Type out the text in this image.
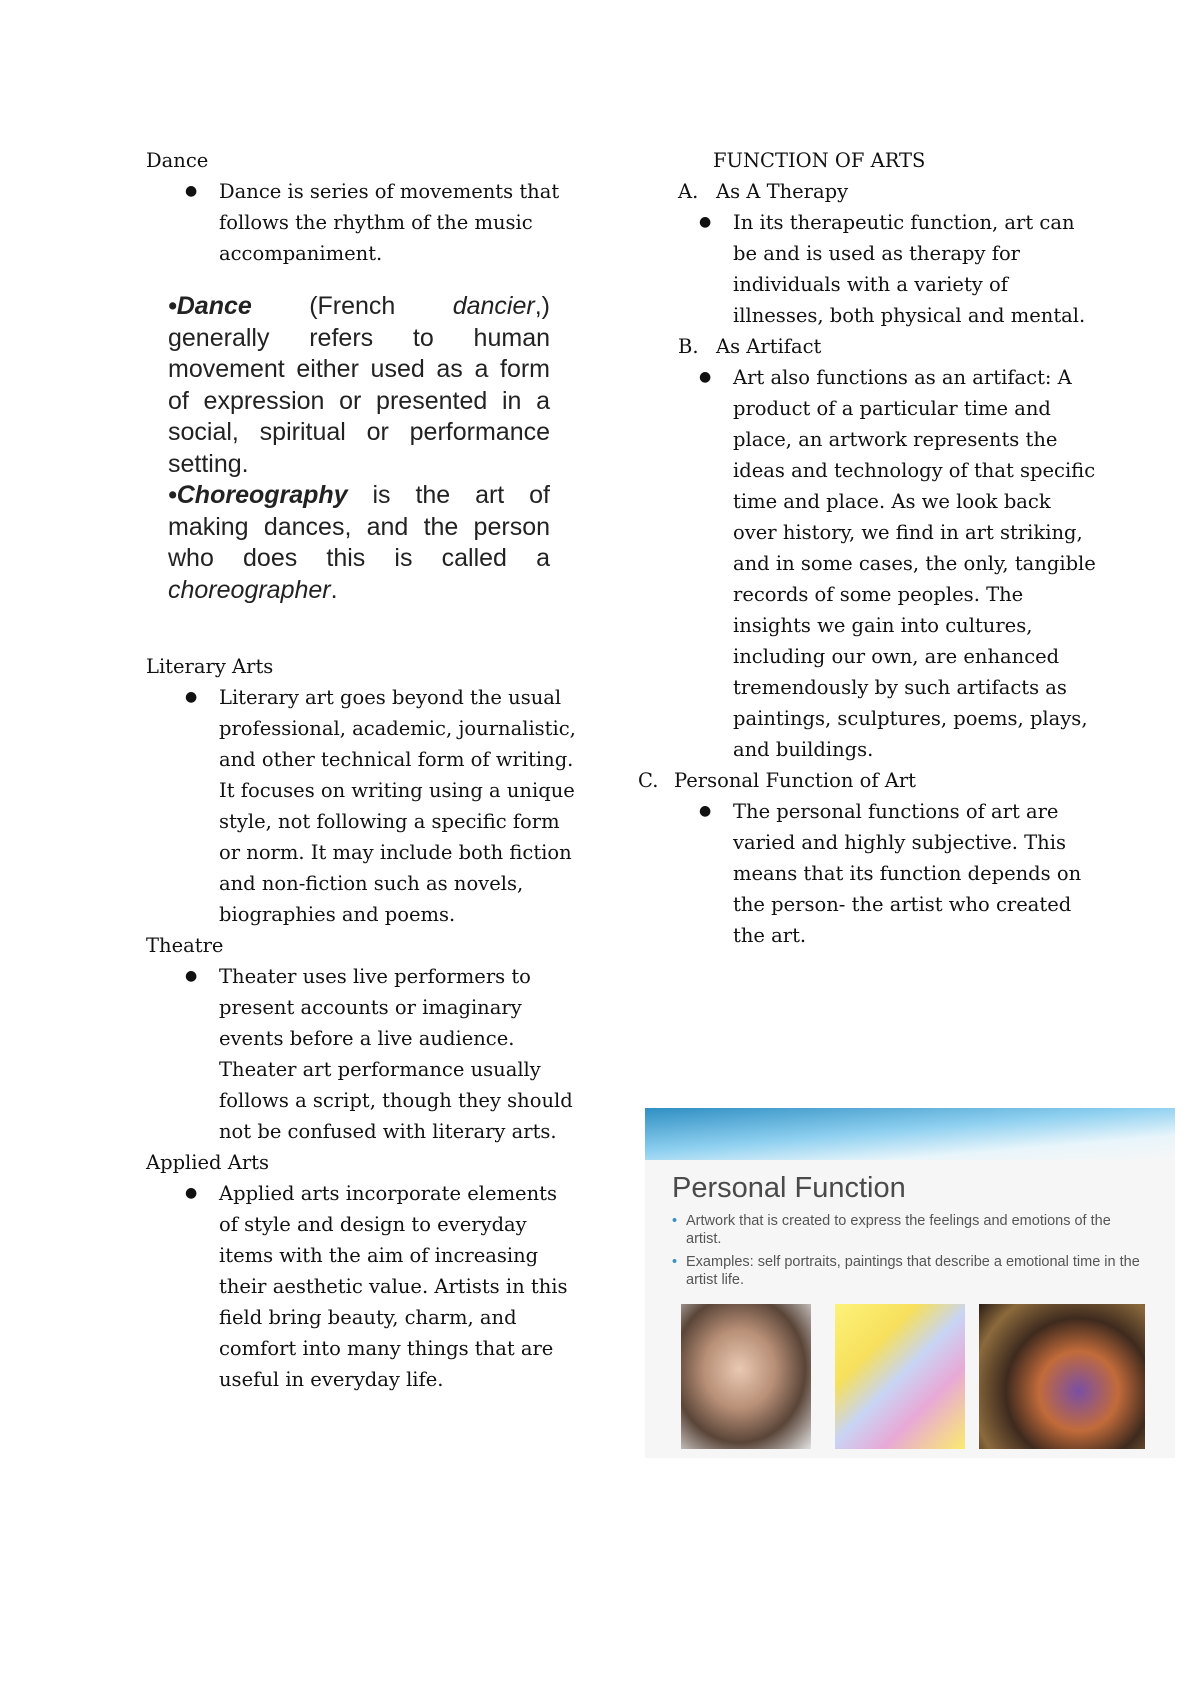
Dance

● Dance is series of movements that follows the rhythm of the music accompaniment.

•Dance (French dancier,) generally refers to human movement either used as a form of expression or presented in a social, spiritual or performance setting.

•Choreography is the art of making dances, and the person who does this is called a choreographer.

Literary Arts

● Literary art goes beyond the usual professional, academic, journalistic, and other technical form of writing. It focuses on writing using a unique style, not following a specific form or norm. It may include both fiction and non-fiction such as novels, biographies and poems.

Theatre

● Theater uses live performers to present accounts or imaginary events before a live audience. Theater art performance usually follows a script, though they should not be confused with literary arts.

Applied Arts

● Applied arts incorporate elements of style and design to everyday items with the aim of increasing their aesthetic value. Artists in this field bring beauty, charm, and comfort into many things that are useful in everyday life.

FUNCTION OF ARTS

A. As A Therapy
● In its therapeutic function, art can be and is used as therapy for individuals with a variety of illnesses, both physical and mental.
B. As Artifact
● Art also functions as an artifact: A product of a particular time and place, an artwork represents the ideas and technology of that specific time and place. As we look back over history, we find in art striking, and in some cases, the only, tangible records of some peoples. The insights we gain into cultures, including our own, are enhanced tremendously by such artifacts as paintings, sculptures, poems, plays, and buildings.
C. Personal Function of Art
● The personal functions of art are varied and highly subjective. This means that its function depends on the person- the artist who created the art.

Personal Function

• Artwork that is created to express the feelings and emotions of the artist.
• Examples: self portraits, paintings that describe a emotional time in the artist life.
